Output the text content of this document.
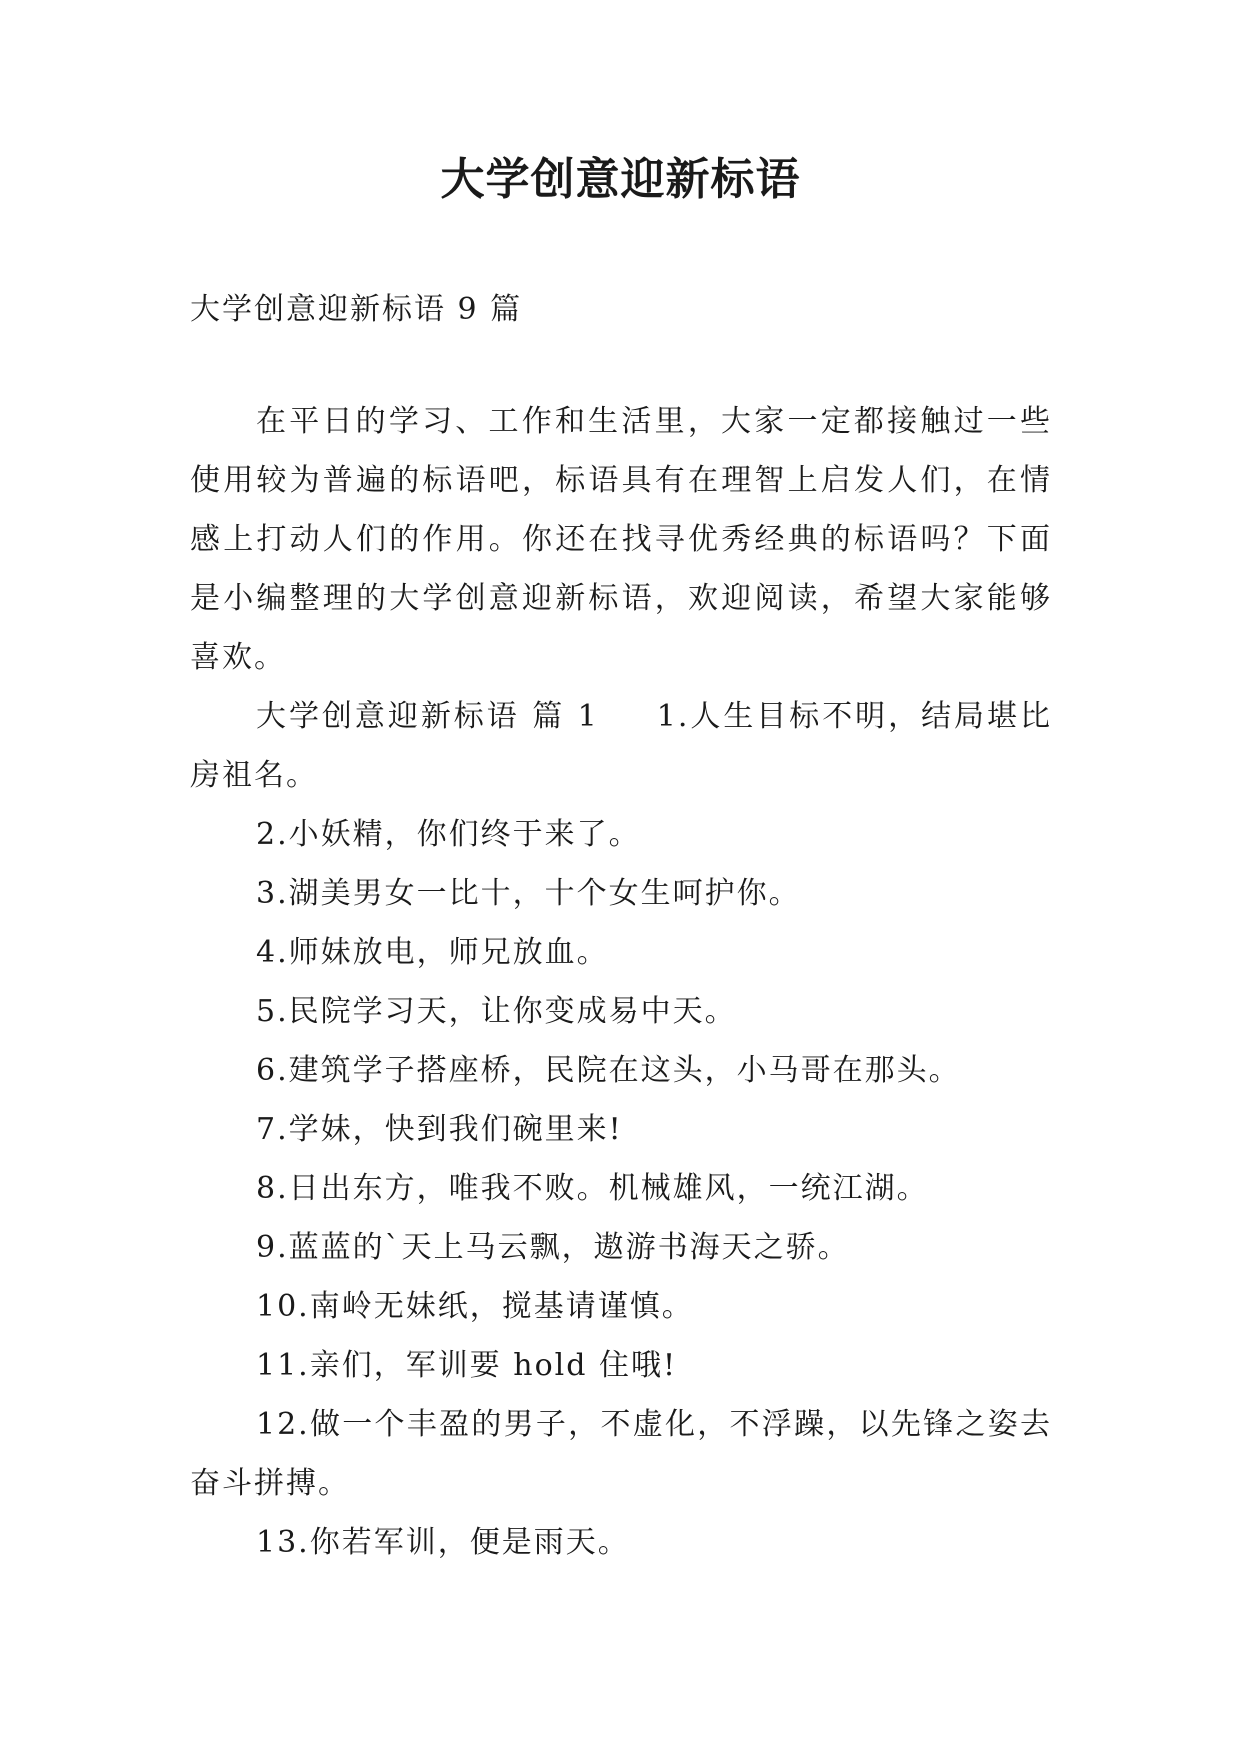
大学创意迎新标语

大学创意迎新标语 9 篇

在平日的学习、工作和生活里，大家一定都接触过一些使用较为普遍的标语吧，标语具有在理智上启发人们，在情感上打动人们的作用。你还在找寻优秀经典的标语吗？下面是小编整理的大学创意迎新标语，欢迎阅读，希望大家能够喜欢。

大学创意迎新标语 篇 1 1.人生目标不明，结局堪比房祖名。

2.小妖精，你们终于来了。

3.湖美男女一比十，十个女生呵护你。

4.师妹放电，师兄放血。

5.民院学习天，让你变成易中天。

6.建筑学子搭座桥，民院在这头，小马哥在那头。

7.学妹，快到我们碗里来!

8.日出东方，唯我不败。机械雄风，一统江湖。

9.蓝蓝的`天上马云飘，遨游书海天之骄。

10.南岭无妹纸，搅基请谨慎。

11.亲们，军训要 hold 住哦!

12.做一个丰盈的男子，不虚化，不浮躁，以先锋之姿去奋斗拼搏。

13.你若军训，便是雨天。
